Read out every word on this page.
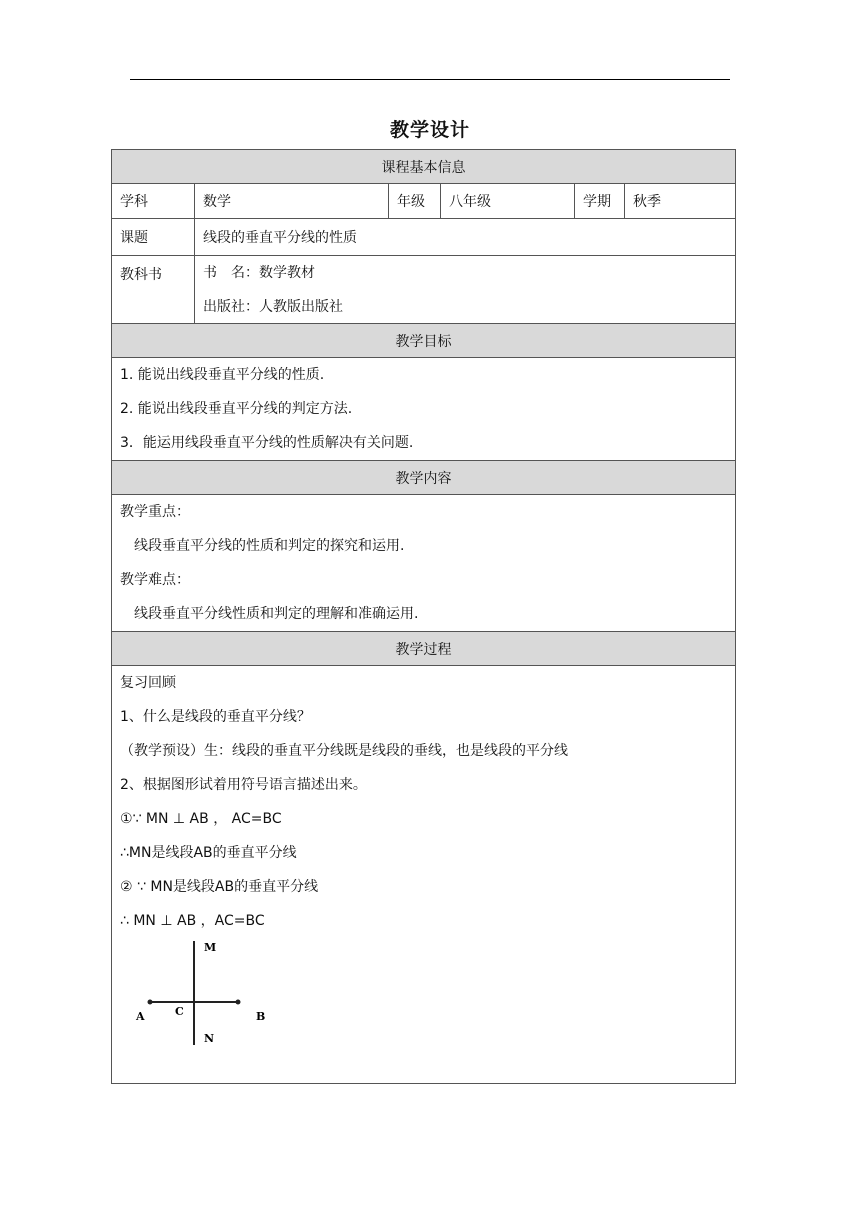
教学设计
课程基本信息
学科	数学	年级	八年级	学期	秋季
课题	线段的垂直平分线的性质
教科书	书　名：数学教材
出版社：人教版出版社
教学目标
1. 能说出线段垂直平分线的性质.
2. 能说出线段垂直平分线的判定方法.
3．能运用线段垂直平分线的性质解决有关问题.
教学内容
教学重点：
线段垂直平分线的性质和判定的探究和运用.
教学难点：
线段垂直平分线性质和判定的理解和准确运用.
教学过程
复习回顾
1、什么是线段的垂直平分线？
（教学预设）生：线段的垂直平分线既是线段的垂线，也是线段的平分线
2、根据图形试着用符号语言描述出来。
①∵ MN ⊥ AB ， AC=BC
∴MN是线段AB的垂直平分线
② ∵ MN是线段AB的垂直平分线
∴ MN ⊥ AB ，AC=BC
M
N
A	B
C
